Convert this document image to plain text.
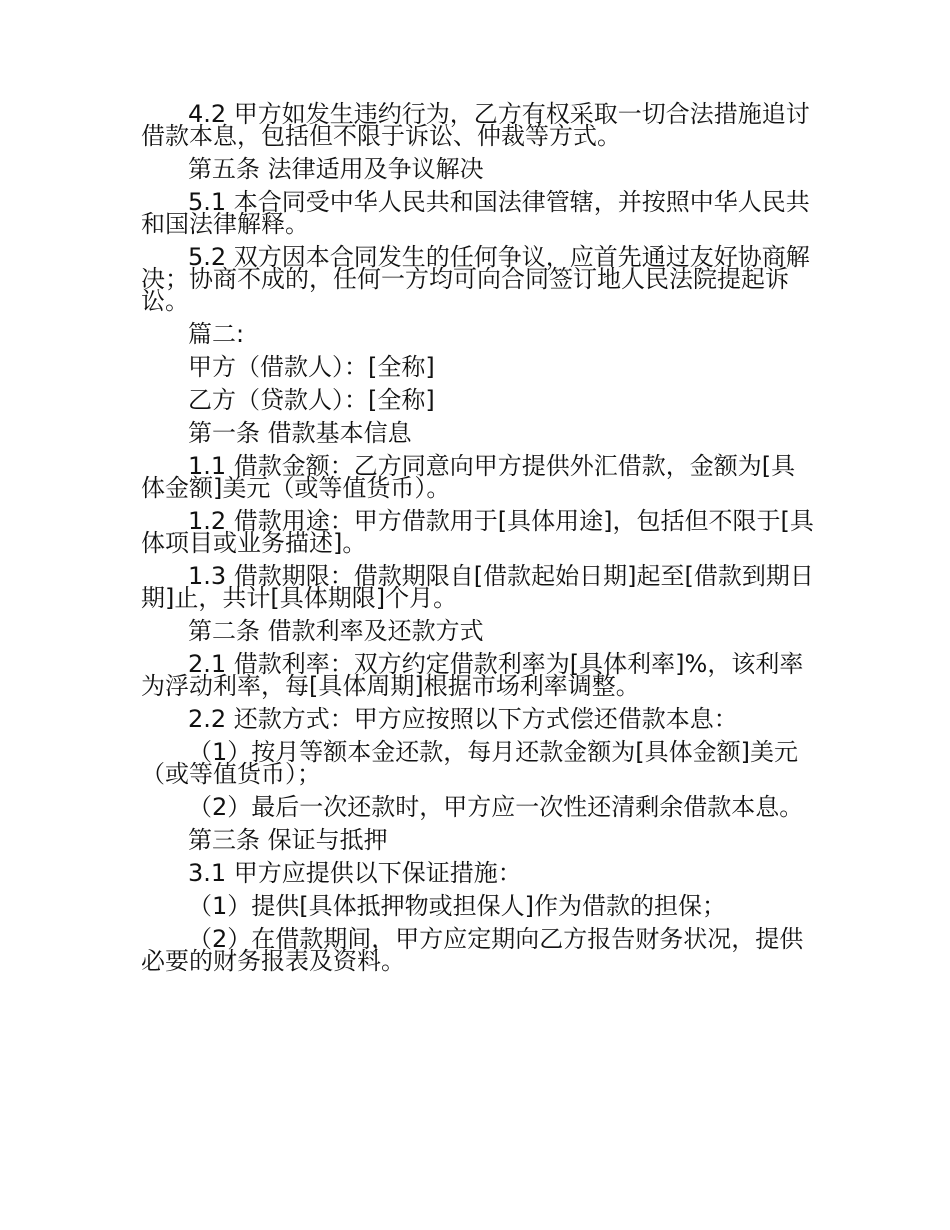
4.2 甲方如发生违约行为，乙方有权采取一切合法措施追讨借款本息，包括但不限于诉讼、仲裁等方式。

第五条 法律适用及争议解决

5.1 本合同受中华人民共和国法律管辖，并按照中华人民共和国法律解释。

5.2 双方因本合同发生的任何争议，应首先通过友好协商解决；协商不成的，任何一方均可向合同签订地人民法院提起诉讼。

篇二:

甲方（借款人）：[全称]

乙方（贷款人）：[全称]

第一条 借款基本信息

1.1 借款金额：乙方同意向甲方提供外汇借款，金额为[具体金额]美元（或等值货币）。

1.2 借款用途：甲方借款用于[具体用途]，包括但不限于[具体项目或业务描述]。

1.3 借款期限：借款期限自[借款起始日期]起至[借款到期日期]止，共计[具体期限]个月。

第二条 借款利率及还款方式

2.1 借款利率：双方约定借款利率为[具体利率]%，该利率为浮动利率，每[具体周期]根据市场利率调整。

2.2 还款方式：甲方应按照以下方式偿还借款本息：

（1）按月等额本金还款，每月还款金额为[具体金额]美元（或等值货币）；

（2）最后一次还款时，甲方应一次性还清剩余借款本息。

第三条 保证与抵押

3.1 甲方应提供以下保证措施：

（1）提供[具体抵押物或担保人]作为借款的担保；

（2）在借款期间，甲方应定期向乙方报告财务状况，提供必要的财务报表及资料。
